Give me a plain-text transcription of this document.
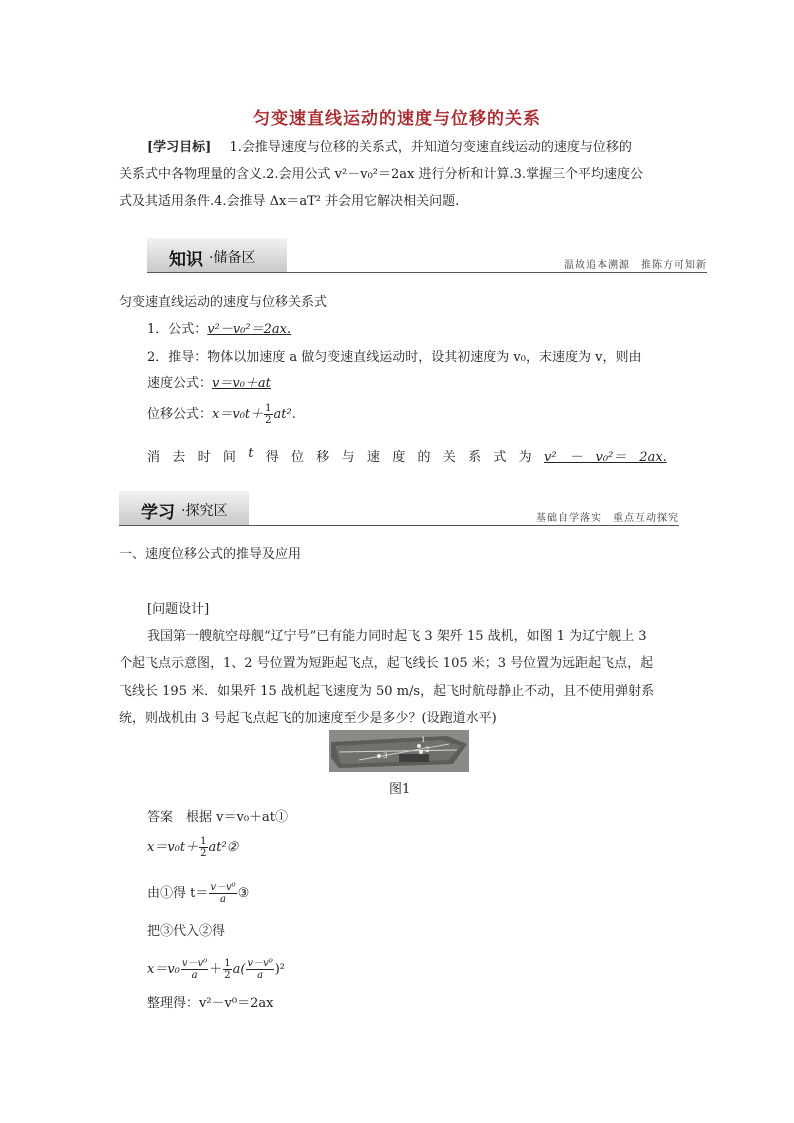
匀变速直线运动的速度与位移的关系
[学习目标] 1.会推导速度与位移的关系式，并知道匀变速直线运动的速度与位移的
关系式中各物理量的含义.2.会用公式 v²－v₀²＝2ax 进行分析和计算.3.掌握三个平均速度公
式及其适用条件.4.会推导 Δx＝aT² 并会用它解决相关问题.
知识 ·储备区	温故追本溯源　推陈方可知新
匀变速直线运动的速度与位移关系式
1．公式：v²－v₀²＝2ax.
2．推导：物体以加速度 a 做匀变速直线运动时，设其初速度为 v₀，末速度为 v，则由
速度公式：v＝v₀＋at
位移公式：$x=v_0t+ \frac{1}{2} at^2$.
消 去 时 间 t 得 位 移 与 速 度 的 关 系 式 为 v²　－　v₀²＝　2ax.
学习 ·探究区	基础自学落实　重点互动探究
一、速度位移公式的推导及应用
[问题设计]
我国第一艘航空母舰“辽宁号”已有能力同时起飞 3 架歼 15 战机，如图 1 为辽宁舰上 3
个起飞点示意图，1、2 号位置为短距起飞点，起飞线长 105 米；3 号位置为远距起飞点，起
飞线长 195 米．如果歼 15 战机起飞速度为 50 m/s，起飞时航母静止不动，且不使用弹射系
统，则战机由 3 号起飞点起飞的加速度至少是多少？(设跑道水平)
1
2
3
图1
答案　根据 v＝v₀＋at①
$x=v_0t+ \frac{1}{2}$ at²②
由①得 $t= \frac{\text{v－v⁰}}{a}$ ③
把③代入②得
$x=v_0 \frac{\text{v－v⁰}}{a} + \frac{1}{2} a( \frac{\text{v－v⁰}}{a} )^2$
整理得：v²－v⁰＝2ax
